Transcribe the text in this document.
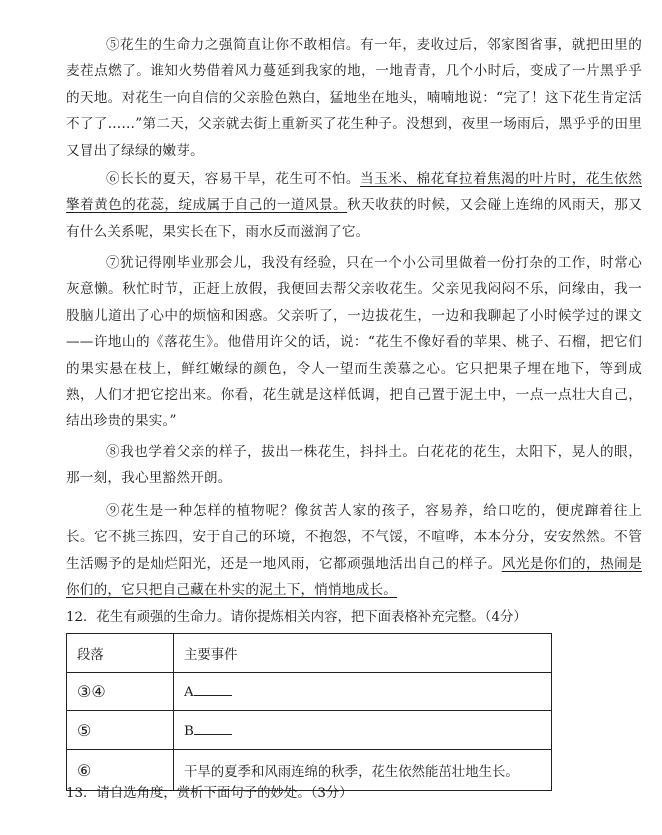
⑤花生的生命力之强简直让你不敢相信。有一年，麦收过后，邻家图省事，就把田里的麦茬点燃了。谁知火势借着风力蔓延到我家的地，一地青青，几个小时后，变成了一片黑乎乎的天地。对花生一向自信的父亲脸色熟白，猛地坐在地头，喃喃地说：“完了！这下花生肯定活不了了……”第二天，父亲就去街上重新买了花生种子。没想到，夜里一场雨后，黑乎乎的田里又冒出了绿绿的嫩芽。
⑥长长的夏天，容易干旱，花生可不怕。当玉米、棉花耷拉着焦渴的叶片时，花生依然擎着黄色的花蕊，绽成属于自己的一道风景。秋天收获的时候，又会碰上连绵的风雨天，那又有什么关系呢，果实长在下，雨水反而滋润了它。
⑦犹记得刚毕业那会儿，我没有经验，只在一个小公司里做着一份打杂的工作，时常心灰意懒。秋忙时节，正赶上放假，我便回去帮父亲收花生。父亲见我闷闷不乐，问缘由，我一股脑儿道出了心中的烦恼和困惑。父亲听了，一边拔花生，一边和我聊起了小时候学过的课文——许地山的《落花生》。他借用许父的话，说：“花生不像好看的苹果、桃子、石榴，把它们的果实悬在枝上，鲜红嫩绿的颜色，令人一望而生羡慕之心。它只把果子埋在地下，等到成熟，人们才把它挖出来。你看，花生就是这样低调，把自己置于泥土中，一点一点壮大自己，结出珍贵的果实。”
⑧我也学着父亲的样子，拔出一株花生，抖抖土。白花花的花生，太阳下，晃人的眼，那一刻，我心里豁然开朗。
⑨花生是一种怎样的植物呢？像贫苦人家的孩子，容易养，给口吃的，便虎蹿着往上长。它不挑三拣四，安于自己的环境，不抱怨，不气馁，不喧哗，本本分分，安安然然。不管生活赐予的是灿烂阳光，还是一地风雨，它都顽强地活出自己的样子。风光是你们的，热闹是你们的，它只把自己藏在朴实的泥土下，悄悄地成长。
12．花生有顽强的生命力。请你提炼相关内容，把下面表格补充完整。（4分）
段落	主要事件
③④	A
⑤	B
⑥	干旱的夏季和风雨连绵的秋季，花生依然能茁壮地生长。
13．请自选角度，赏析下面句子的妙处。（3分）
